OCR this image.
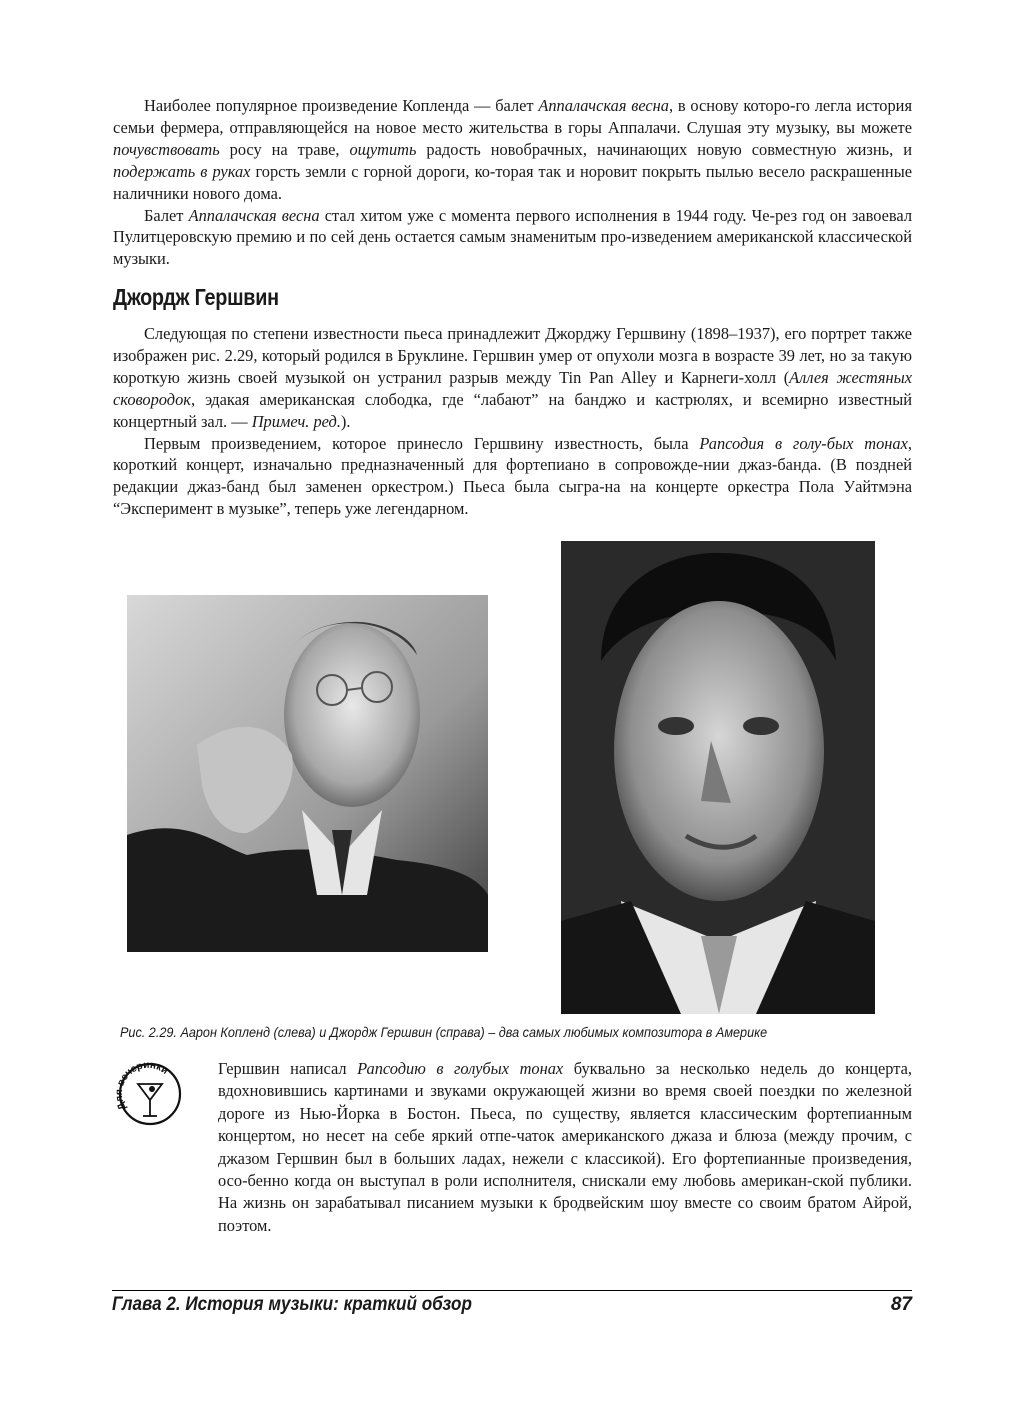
Наиболее популярное произведение Копленда — балет Аппалачская весна, в основу которо-го легла история семьи фермера, отправляющейся на новое место жительства в горы Аппалачи. Слушая эту музыку, вы можете почувствовать росу на траве, ощутить радость новобрачных, начинающих новую совместную жизнь, и подержать в руках горсть земли с горной дороги, ко-торая так и норовит покрыть пылью весело раскрашенные наличники нового дома.

Балет Аппалачская весна стал хитом уже с момента первого исполнения в 1944 году. Че-рез год он завоевал Пулитцеровскую премию и по сей день остается самым знаменитым про-изведением американской классической музыки.

Джордж Гершвин

Следующая по степени известности пьеса принадлежит Джорджу Гершвину (1898–1937), его портрет также изображен рис. 2.29, который родился в Бруклине. Гершвин умер от опухоли мозга в возрасте 39 лет, но за такую короткую жизнь своей музыкой он устранил разрыв между Tin Pan Alley и Карнеги-холл (Аллея жестяных сковородок, эдакая американская слободка, где “лабают” на банджо и кастрюлях, и всемирно известный концертный зал. — Примеч. ред.).

Первым произведением, которое принесло Гершвину известность, была Рапсодия в голу-бых тонах, короткий концерт, изначально предназначенный для фортепиано в сопровожде-нии джаз-банда. (В поздней редакции джаз-банд был заменен оркестром.) Пьеса была сыгра-на на концерте оркестра Пола Уайтмэна “Эксперимент в музыке”, теперь уже легендарном.

Рис. 2.29. Аарон Копленд (слева) и Джордж Гершвин (справа) – два самых любимых композитора в Америке

Для вечеринки	Гершвин написал Рапсодию в голубых тонах буквально за несколько недель до концерта, вдохновившись картинами и звуками окружающей жизни во время своей поездки по железной дороге из Нью-Йорка в Бостон. Пьеса, по существу, является классическим фортепианным концертом, но несет на себе яркий отпе-чаток американского джаза и блюза (между прочим, с джазом Гершвин был в больших ладах, нежели с классикой). Его фортепианные произведения, осо-бенно когда он выступал в роли исполнителя, снискали ему любовь американ-ской публики. На жизнь он зарабатывал писанием музыки к бродвейским шоу вместе со своим братом Айрой, поэтом.

Глава 2. История музыки: краткий обзор	87
